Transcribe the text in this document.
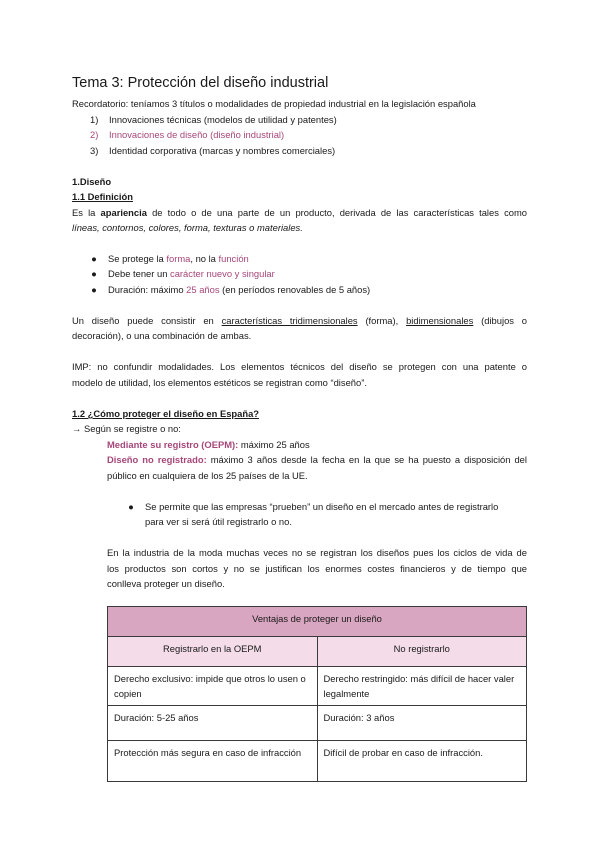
Tema 3: Protección del diseño industrial
Recordatorio: teníamos 3 títulos o modalidades de propiedad industrial en la legislación española
1) Innovaciones técnicas (modelos de utilidad y patentes)
2) Innovaciones de diseño (diseño industrial)
3) Identidad corporativa (marcas y nombres comerciales)
1.Diseño
1.1 Definición
Es la apariencia de todo o de una parte de un producto, derivada de las características tales como
líneas, contornos, colores, forma, texturas o materiales.
● Se protege la forma, no la función
● Debe tener un carácter nuevo y singular
● Duración: máximo 25 años (en períodos renovables de 5 años)
Un diseño puede consistir en características tridimensionales (forma), bidimensionales (dibujos o
decoración), o una combinación de ambas.
IMP: no confundir modalidades. Los elementos técnicos del diseño se protegen con una patente o
modelo de utilidad, los elementos estéticos se registran como “diseño”.
1.2 ¿Cómo proteger el diseño en España?
→ Según se registre o no:
Mediante su registro (OEPM): máximo 25 años
Diseño no registrado: máximo 3 años desde la fecha en la que se ha puesto a disposición del
público en cualquiera de los 25 países de la UE.
● Se permite que las empresas “prueben” un diseño en el mercado antes de registrarlo
para ver si será útil registrarlo o no.
En la industria de la moda muchas veces no se registran los diseños pues los ciclos de vida de
los productos son cortos y no se justifican los enormes costes financieros y de tiempo que
conlleva proteger un diseño.
Ventajas de proteger un diseño	
Registrarlo en la OEPM	No registrarlo
Derecho exclusivo: impide que otros lo usen o copien	Derecho restringido: más difícil de hacer valer legalmente
Duración: 5-25 años	Duración: 3 años
Protección más segura en caso de infracción	Difícil de probar en caso de infracción.
